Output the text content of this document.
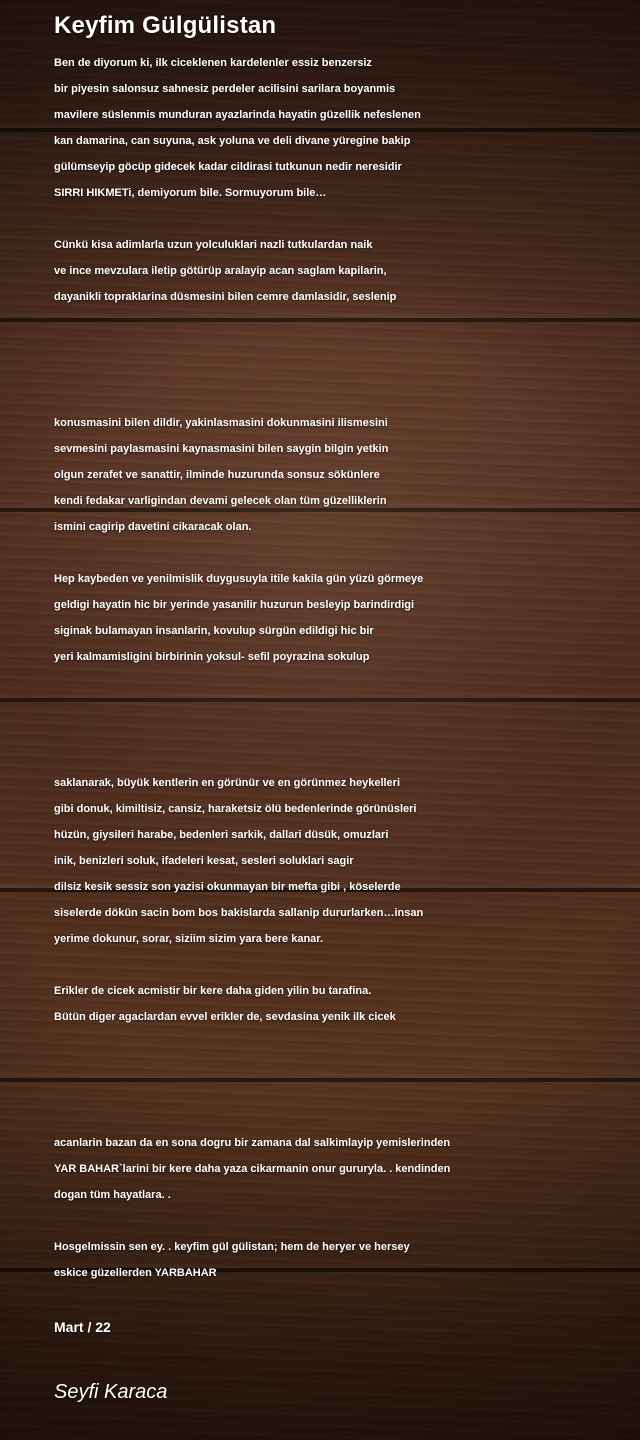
Keyfim Gülgülistan
Ben de diyorum ki, ilk ciceklenen kardelenler essiz benzersiz
bir piyesin salonsuz sahnesiz perdeler acilisini sarilara boyanmis
mavilere süslenmis munduran ayazlarinda hayatin güzellik nefeslenen
kan damarina, can suyuna, ask yoluna ve deli divane yüregine bakip
gülümseyip göcüp gidecek kadar cildirasi tutkunun nedir neresidir
SIRRI HIKMETi, demiyorum bile. Sormuyorum bile…
Cünkü kisa adimlarla uzun yolculuklari nazli tutkulardan naik
ve ince mevzulara iletip götürüp aralayip acan saglam kapilarin,
dayanikli topraklarina düsmesini bilen cemre damlasidir, seslenip
konusmasini bilen dildir, yakinlasmasini dokunmasini ilismesini
sevmesini paylasmasini kaynasmasini bilen saygin bilgin yetkin
olgun zerafet ve sanattir, ilminde huzurunda sonsuz sökünlere
kendi fedakar varligindan devami gelecek olan tüm güzelliklerin
ismini cagirip davetini cikaracak olan.
Hep kaybeden ve yenilmislik duygusuyla itile kakila gün yüzü görmeye
geldigi hayatin hic bir yerinde yasanilir huzurun besleyip barindirdigi
siginak bulamayan insanlarin, kovulup sürgün edildigi hic bir
yeri kalmamisligini birbirinin yoksul- sefil poyrazina sokulup
saklanarak, büyük kentlerin en görünür ve en görünmez heykelleri
gibi donuk, kimiltisiz, cansiz, haraketsiz ölü bedenlerinde görünüsleri
hüzün, giysileri harabe, bedenleri sarkik, dallari düsük, omuzlari
inik, benizleri soluk, ifadeleri kesat, sesleri soluklari sagir
dilsiz kesik sessiz son yazisi okunmayan bir mefta gibi , köselerde
siselerde dökün sacin bom bos bakislarda sallanip dururlarken…insan
yerime dokunur, sorar, siziim sizim yara bere kanar.
Erikler de cicek acmistir bir kere daha giden yilin bu tarafina.
Bütün diger agaclardan evvel erikler de, sevdasina yenik ilk cicek
acanlarin bazan da en sona dogru bir zamana dal salkimlayip yemislerinden
YAR BAHAR`larini bir kere daha yaza cikarmanin onur gururyla. . kendinden
dogan tüm hayatlara. .
Hosgelmissin sen ey. . keyfim gül gülistan; hem de heryer ve hersey
eskice güzellerden YARBAHAR
Mart / 22
Seyfi Karaca
